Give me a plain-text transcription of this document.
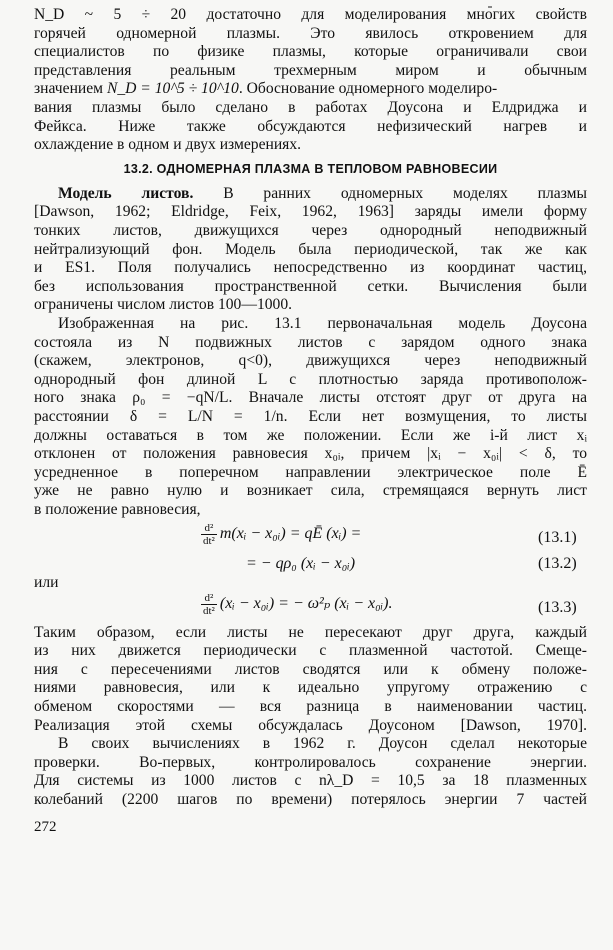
N_D ~ 5 ÷ 20 достаточно для моделирования многих свойств
горячей одномерной плазмы. Это явилось откровением для
специалистов по физике плазмы, которые ограничивали свои
представления реальным трехмерным миром и обычным
значением N_D = 10^5 ÷ 10^10. Обоснование одномерного моделиро-
вания плазмы было сделано в работах Доусона и Елдриджа и
Фейкса. Ниже также обсуждаются нефизический нагрев и
охлаждение в одном и двух измерениях.
13.2. ОДНОМЕРНАЯ ПЛАЗМА В ТЕПЛОВОМ РАВНОВЕСИИ
Модель листов. В ранних одномерных моделях плазмы
[Dawson, 1962; Eldridge, Feix, 1962, 1963] заряды имели форму
тонких листов, движущихся через однородный неподвижный
нейтрализующий фон. Модель была периодической, так же как
и ES1. Поля получались непосредственно из координат частиц,
без использования пространственной сетки. Вычисления были
ограничены числом листов 100—1000.
Изображенная на рис. 13.1 первоначальная модель Доусона
состояла из N подвижных листов с зарядом одного знака
(скажем, электронов, q<0), движущихся через неподвижный
однородный фон длиной L с плотностью заряда противополож-
ного знака ρ₀ = −qN/L. Вначале листы отстоят друг от друга на
расстоянии δ = L/N = 1/n. Если нет возмущения, то листы
должны оставаться в том же положении. Если же i-й лист xᵢ
отклонен от положения равновесия x₀ᵢ, причем |xᵢ − x₀ᵢ| < δ, то
усредненное в поперечном направлении электрическое поле Ē
уже не равно нулю и возникает сила, стремящаяся вернуть лист
в положение равновесия,
$\frac{\text{d²}}{\text{dt²}}$ m(xᵢ − x₀ᵢ) = qĒ (xᵢ) =	(13.1)
= − qρ₀ (xᵢ − x₀ᵢ)	(13.2)
или
$\frac{\text{d²}}{\text{dt²}}$ (xᵢ − x₀ᵢ) = − ω²ₚ (xᵢ − x₀ᵢ).	(13.3)
Таким образом, если листы не пересекают друг друга, каждый
из них движется периодически с плазменной частотой. Смеще-
ния с пересечениями листов сводятся или к обмену положе-
ниями равновесия, или к идеально упругому отражению с
обменом скоростями — вся разница в наименовании частиц.
Реализация этой схемы обсуждалась Доусоном [Dawson, 1970].
В своих вычислениях в 1962 г. Доусон сделал некоторые
проверки. Во-первых, контролировалось сохранение энергии.
Для системы из 1000 листов с nλ_D = 10,5 за 18 плазменных
колебаний (2200 шагов по времени) потерялось энергии 7 частей
272
